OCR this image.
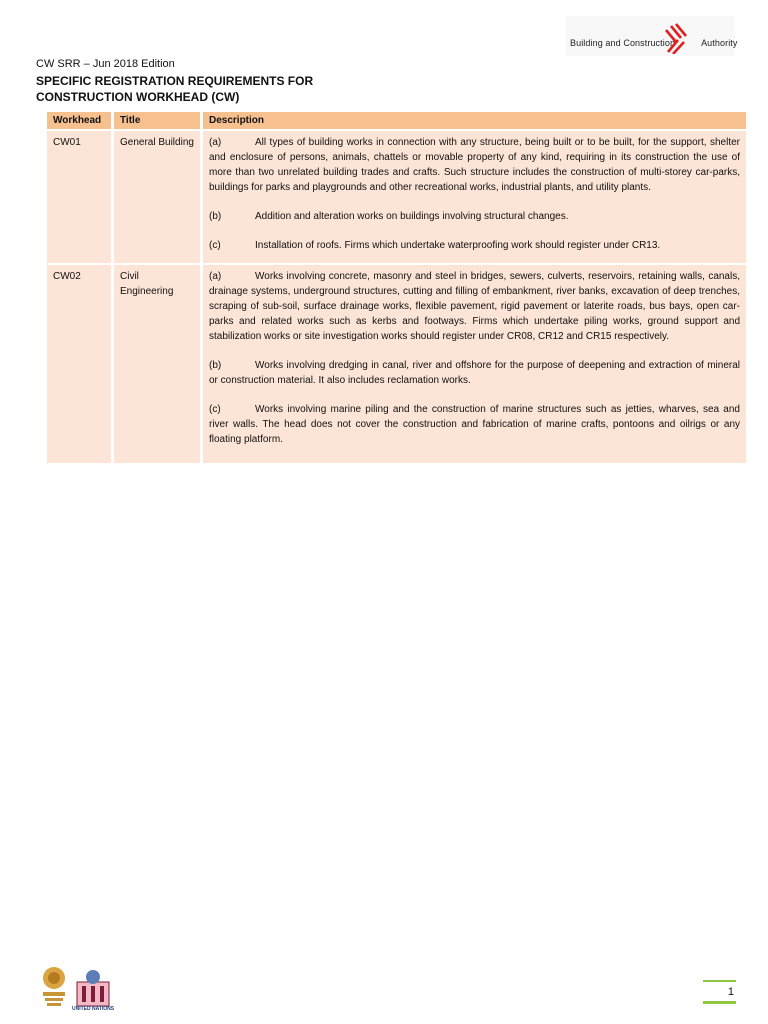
Building and Construction	Authority
CW SRR – Jun 2018 Edition
SPECIFIC REGISTRATION REQUIREMENTS FOR
CONSTRUCTION WORKHEAD (CW)
Workhead	Title	Description
CW01	General Building	(a) All types of building works in connection with any structure, being built or to be built, for the support, shelter and enclosure of persons, animals, chattels or movable property of any kind, requiring in its construction the use of more than two unrelated building trades and crafts. Such structure includes the construction of multi-storey car-parks, buildings for parks and playgrounds and other recreational works, industrial plants, and utility plants.

(b) Addition and alteration works on buildings involving structural changes.

(c) Installation of roofs. Firms which undertake waterproofing work should register under CR13.

CW02	Civil Engineering	(a) Works involving concrete, masonry and steel in bridges, sewers, culverts, reservoirs, retaining walls, canals, drainage systems, underground structures, cutting and filling of embankment, river banks, excavation of deep trenches, scraping of sub-soil, surface drainage works, flexible pavement, rigid pavement or laterite roads, bus bays, open car-parks and related works such as kerbs and footways. Firms which undertake piling works, ground support and stabilization works or site investigation works should register under CR08, CR12 and CR15 respectively.

(b) Works involving dredging in canal, river and offshore for the purpose of deepening and extraction of mineral or construction material. It also includes reclamation works.

(c) Works involving marine piling and the construction of marine structures such as jetties, wharves, sea and river walls. The head does not cover the construction and fabrication of marine crafts, pontoons and oilrigs or any floating platform.

UNITED NATIONS
1
